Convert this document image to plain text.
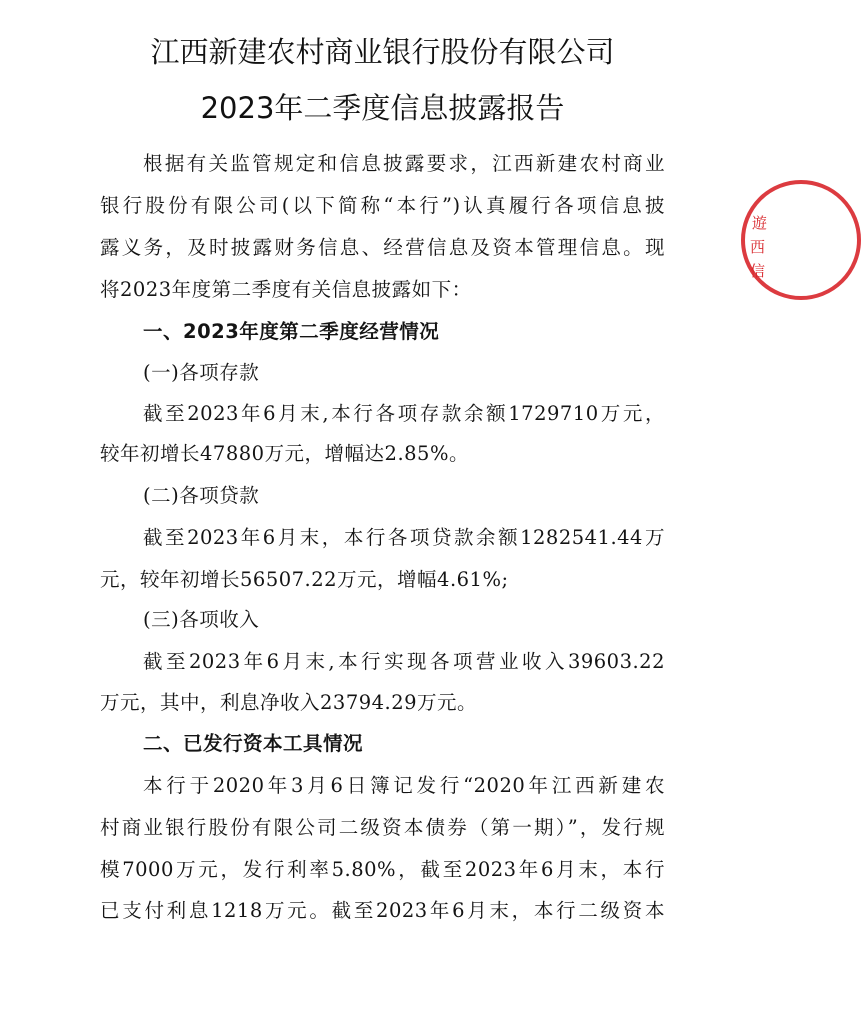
江西新建农村商业银行股份有限公司
2023年二季度信息披露报告
根据有关监管规定和信息披露要求，江西新建农村商业
银行股份有限公司(以下简称“本行”)认真履行各项信息披
露义务，及时披露财务信息、经营信息及资本管理信息。现
将2023年度第二季度有关信息披露如下：
一、2023年度第二季度经营情况
(一)各项存款
截至2023年6月末,本行各项存款余额1729710万元，
较年初增长47880万元，增幅达2.85%。
(二)各项贷款
截至2023年6月末，本行各项贷款余额1282541.44万
元，较年初增长56507.22万元，增幅4.61%;
(三)各项收入
截至2023年6月末,本行实现各项营业收入39603.22
万元，其中，利息净收入23794.29万元。
二、已发行资本工具情况
本行于2020年3月6日簿记发行“2020年江西新建农
村商业银行股份有限公司二级资本债券（第一期）”，发行规
模7000万元，发行利率5.80%，截至2023年6月末，本行
已支付利息1218万元。截至2023年6月末，本行二级资本
遊
西
信
